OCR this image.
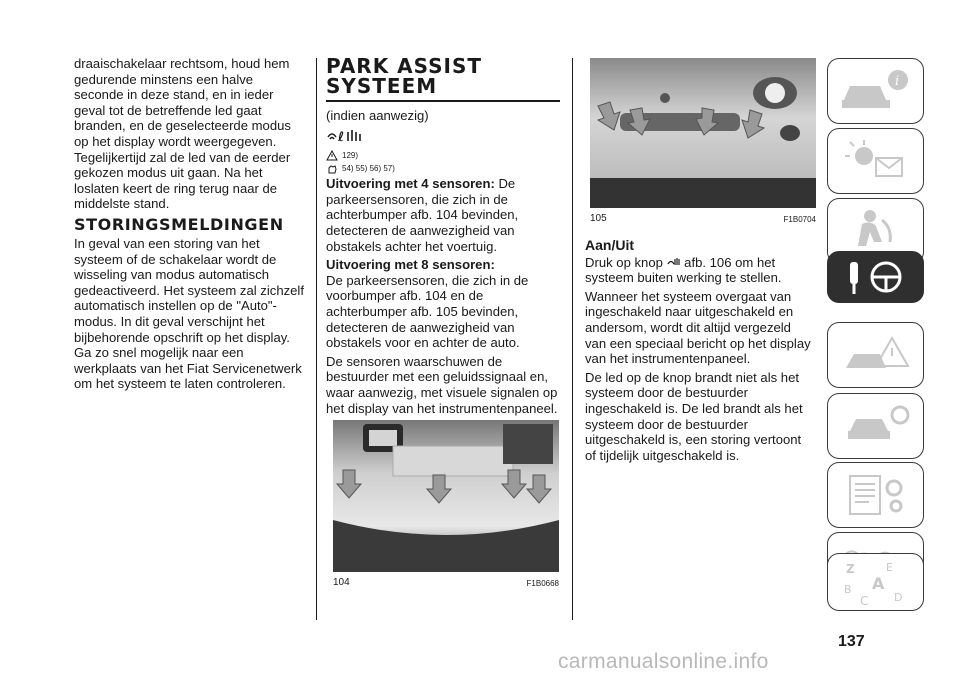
draaischakelaar rechtsom, houd hem gedurende minstens een halve seconde in deze stand, en in ieder geval tot de betreffende led gaat branden, en de geselecteerde modus op het display wordt weergegeven. Tegelijkertijd zal de led van de eerder gekozen modus uit gaan. Na het loslaten keert de ring terug naar de middelste stand.

STORINGSMELDINGEN

In geval van een storing van het systeem of de schakelaar wordt de wisseling van modus automatisch gedeactiveerd. Het systeem zal zichzelf automatisch instellen op de "Auto"-modus. In dit geval verschijnt het bijbehorende opschrift op het display. Ga zo snel mogelijk naar een werkplaats van het Fiat Servicenetwerk om het systeem te laten controleren.

PARK ASSIST
SYSTEEM

(indien aanwezig)

ℓ
129)
54) 55) 56) 57)

Uitvoering met 4 sensoren: De parkeersensoren, die zich in de achterbumper afb. 104 bevinden, detecteren de aanwezigheid van obstakels achter het voertuig.

Uitvoering met 8 sensoren:

De parkeersensoren, die zich in de voorbumper afb. 104 en de achterbumper afb. 105 bevinden, detecteren de aanwezigheid van obstakels voor en achter de auto.

De sensoren waarschuwen de bestuurder met een geluidssignaal en, waar aanwezig, met visuele signalen op het display van het instrumentenpaneel.

104	F1B0668
105	F1B0704

Aan/Uit

Druk op knop afb. 106 om het systeem buiten werking te stellen.

Wanneer het systeem overgaat van ingeschakeld naar uitgeschakeld en andersom, wordt dit altijd vergezeld van een speciaal bericht op het display van het instrumentenpaneel.

De led op de knop brandt niet als het systeem door de bestuurder ingeschakeld is. De led brandt als het systeem door de bestuurder uitgeschakeld is, een storing vertoont of tijdelijk uitgeschakeld is.

i
Z	E
B A
C D
137
carmanualsonline.info
